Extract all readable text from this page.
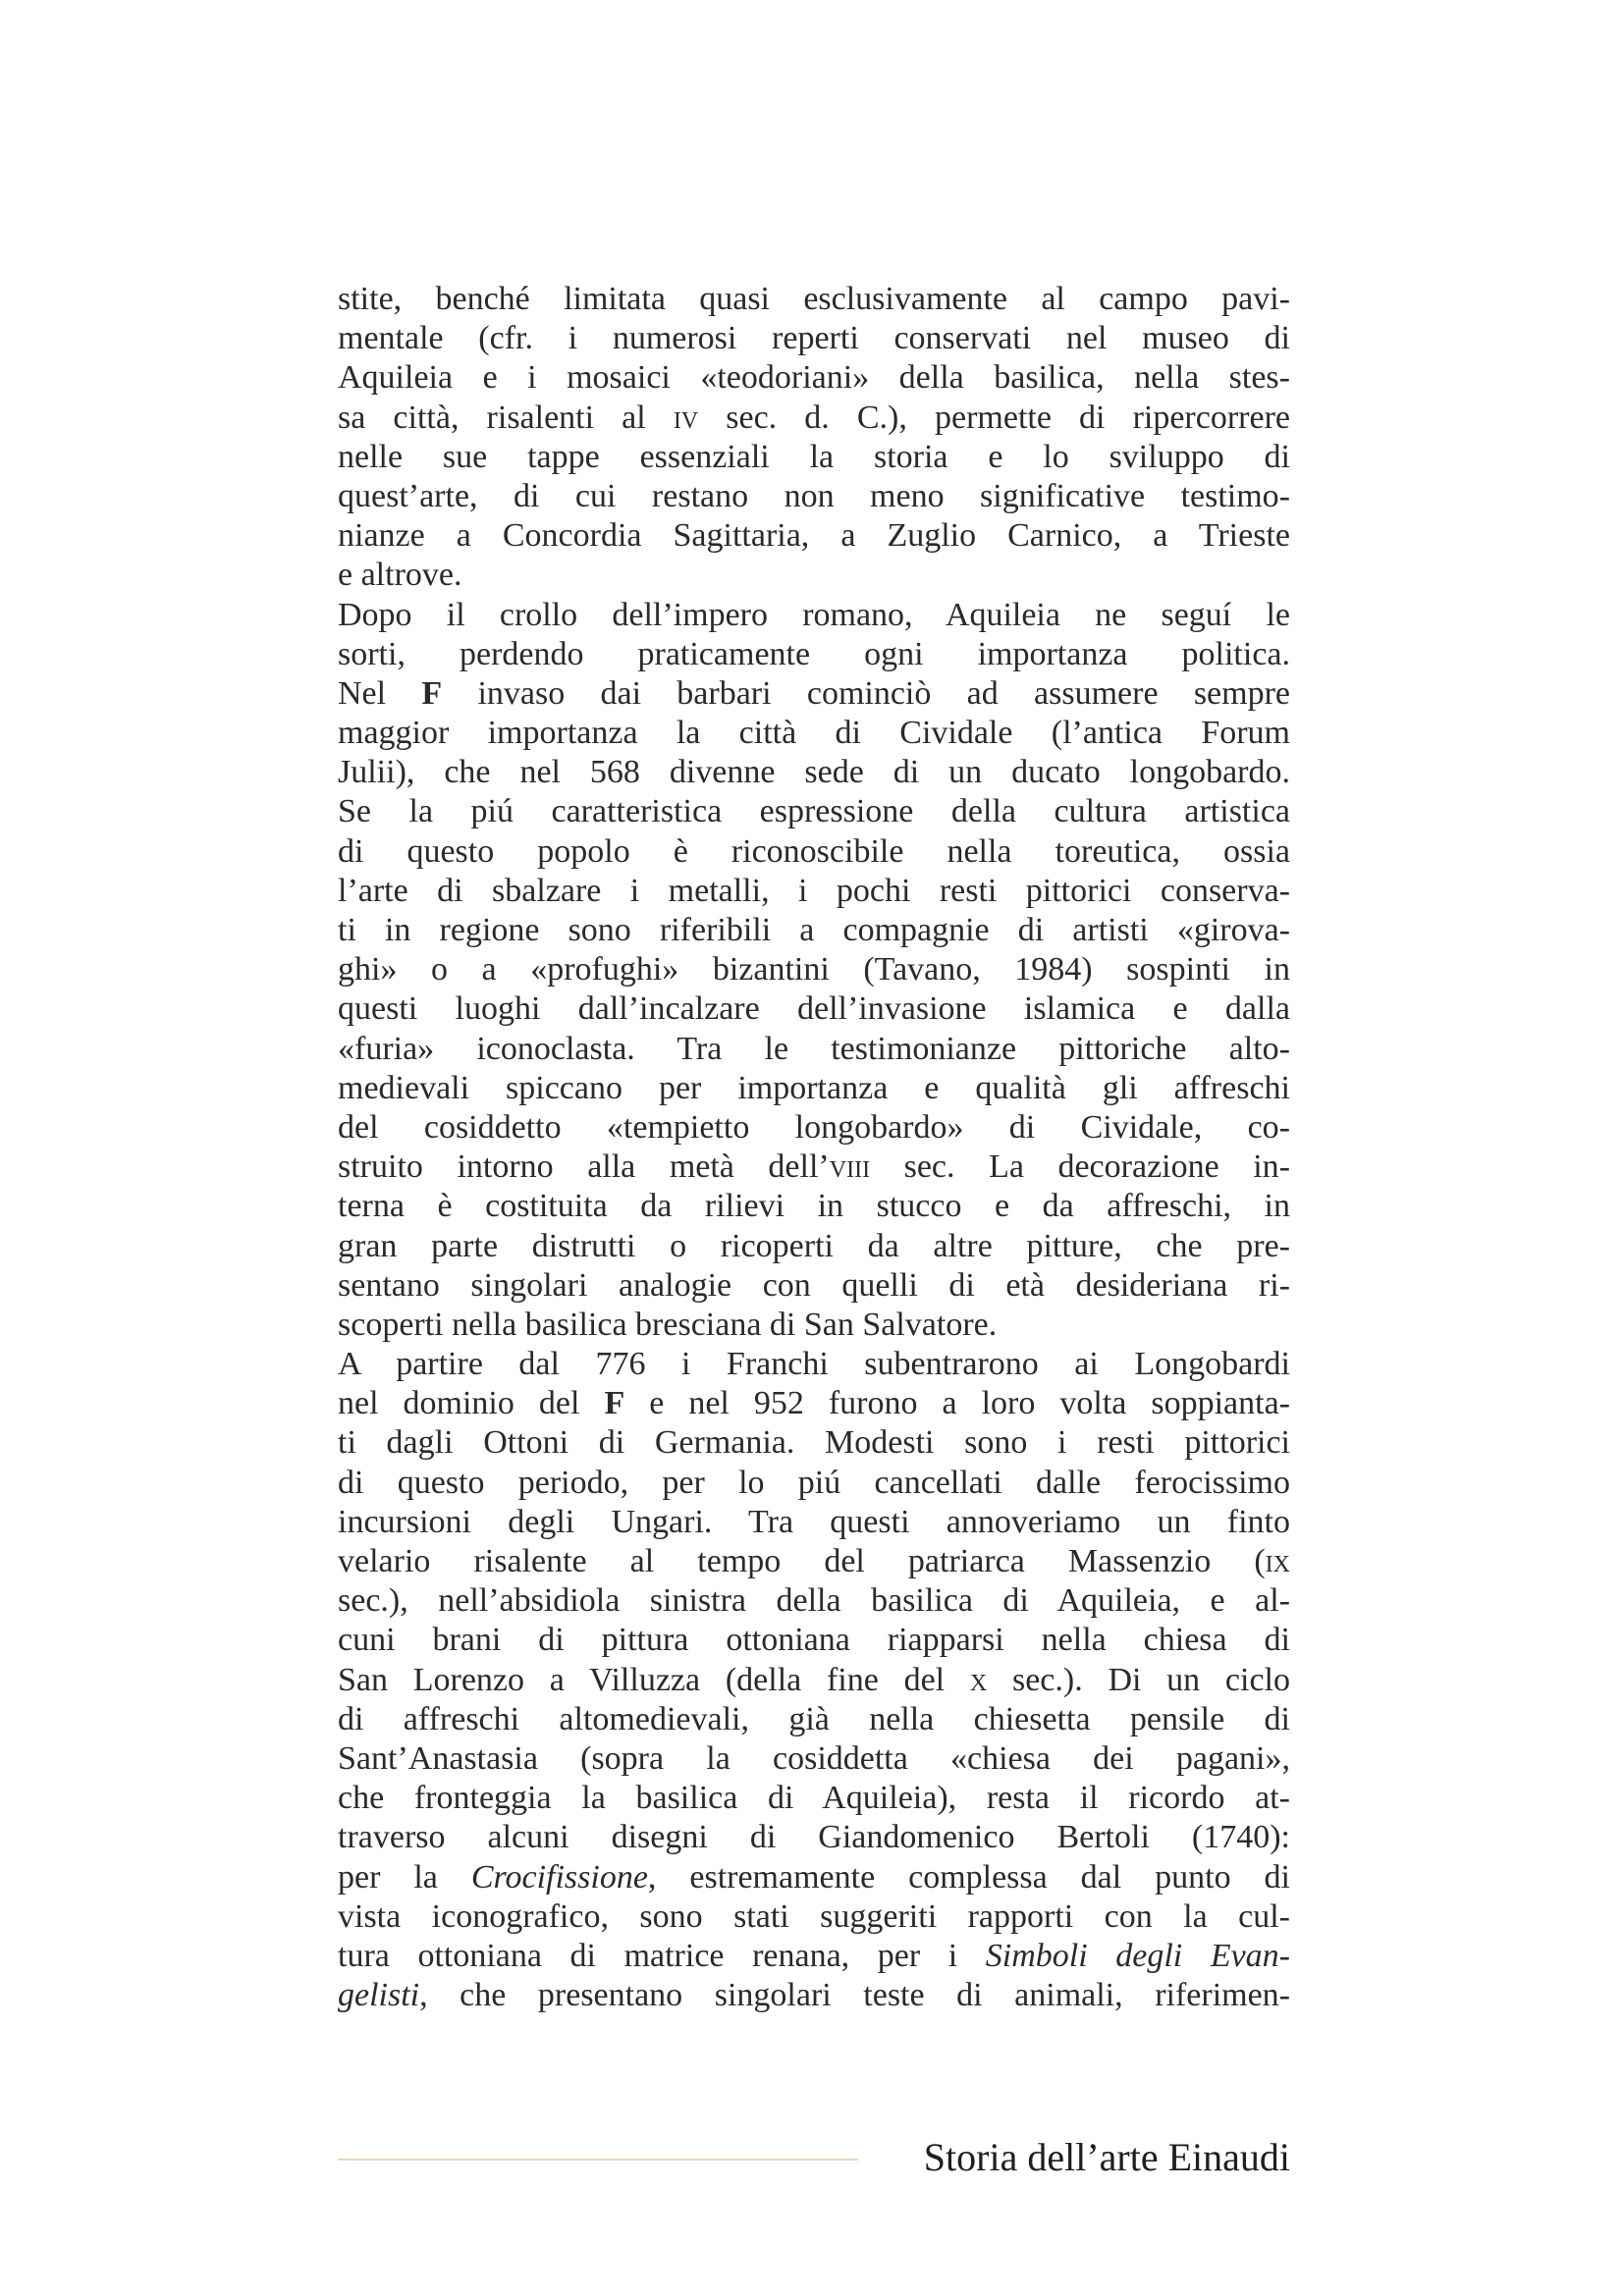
stite, benché limitata quasi esclusivamente al campo pavi-
mentale (cfr. i numerosi reperti conservati nel museo di
Aquileia e i mosaici «teodoriani» della basilica, nella stes-
sa città, risalenti al iv sec. d. C.), permette di ripercorrere
nelle sue tappe essenziali la storia e lo sviluppo di
quest’arte, di cui restano non meno significative testimo-
nianze a Concordia Sagittaria, a Zuglio Carnico, a Trieste
e altrove.
Dopo il crollo dell’impero romano, Aquileia ne seguí le
sorti, perdendo praticamente ogni importanza politica.
Nel F invaso dai barbari cominciò ad assumere sempre
maggior importanza la città di Cividale (l’antica Forum
Julii), che nel 568 divenne sede di un ducato longobardo.
Se la piú caratteristica espressione della cultura artistica
di questo popolo è riconoscibile nella toreutica, ossia
l’arte di sbalzare i metalli, i pochi resti pittorici conserva-
ti in regione sono riferibili a compagnie di artisti «girova-
ghi» o a «profughi» bizantini (Tavano, 1984) sospinti in
questi luoghi dall’incalzare dell’invasione islamica e dalla
«furia» iconoclasta. Tra le testimonianze pittoriche alto-
medievali spiccano per importanza e qualità gli affreschi
del cosiddetto «tempietto longobardo» di Cividale, co-
struito intorno alla metà dell’viii sec. La decorazione in-
terna è costituita da rilievi in stucco e da affreschi, in
gran parte distrutti o ricoperti da altre pitture, che pre-
sentano singolari analogie con quelli di età desideriana ri-
scoperti nella basilica bresciana di San Salvatore.
A partire dal 776 i Franchi subentrarono ai Longobardi
nel dominio del F e nel 952 furono a loro volta soppianta-
ti dagli Ottoni di Germania. Modesti sono i resti pittorici
di questo periodo, per lo piú cancellati dalle ferocissimo
incursioni degli Ungari. Tra questi annoveriamo un finto
velario risalente al tempo del patriarca Massenzio (ix
sec.), nell’absidiola sinistra della basilica di Aquileia, e al-
cuni brani di pittura ottoniana riapparsi nella chiesa di
San Lorenzo a Villuzza (della fine del x sec.). Di un ciclo
di affreschi altomedievali, già nella chiesetta pensile di
Sant’Anastasia (sopra la cosiddetta «chiesa dei pagani»,
che fronteggia la basilica di Aquileia), resta il ricordo at-
traverso alcuni disegni di Giandomenico Bertoli (1740):
per la Crocifissione, estremamente complessa dal punto di
vista iconografico, sono stati suggeriti rapporti con la cul-
tura ottoniana di matrice renana, per i Simboli degli Evan-
gelisti, che presentano singolari teste di animali, riferimen-
Storia dell’arte Einaudi
